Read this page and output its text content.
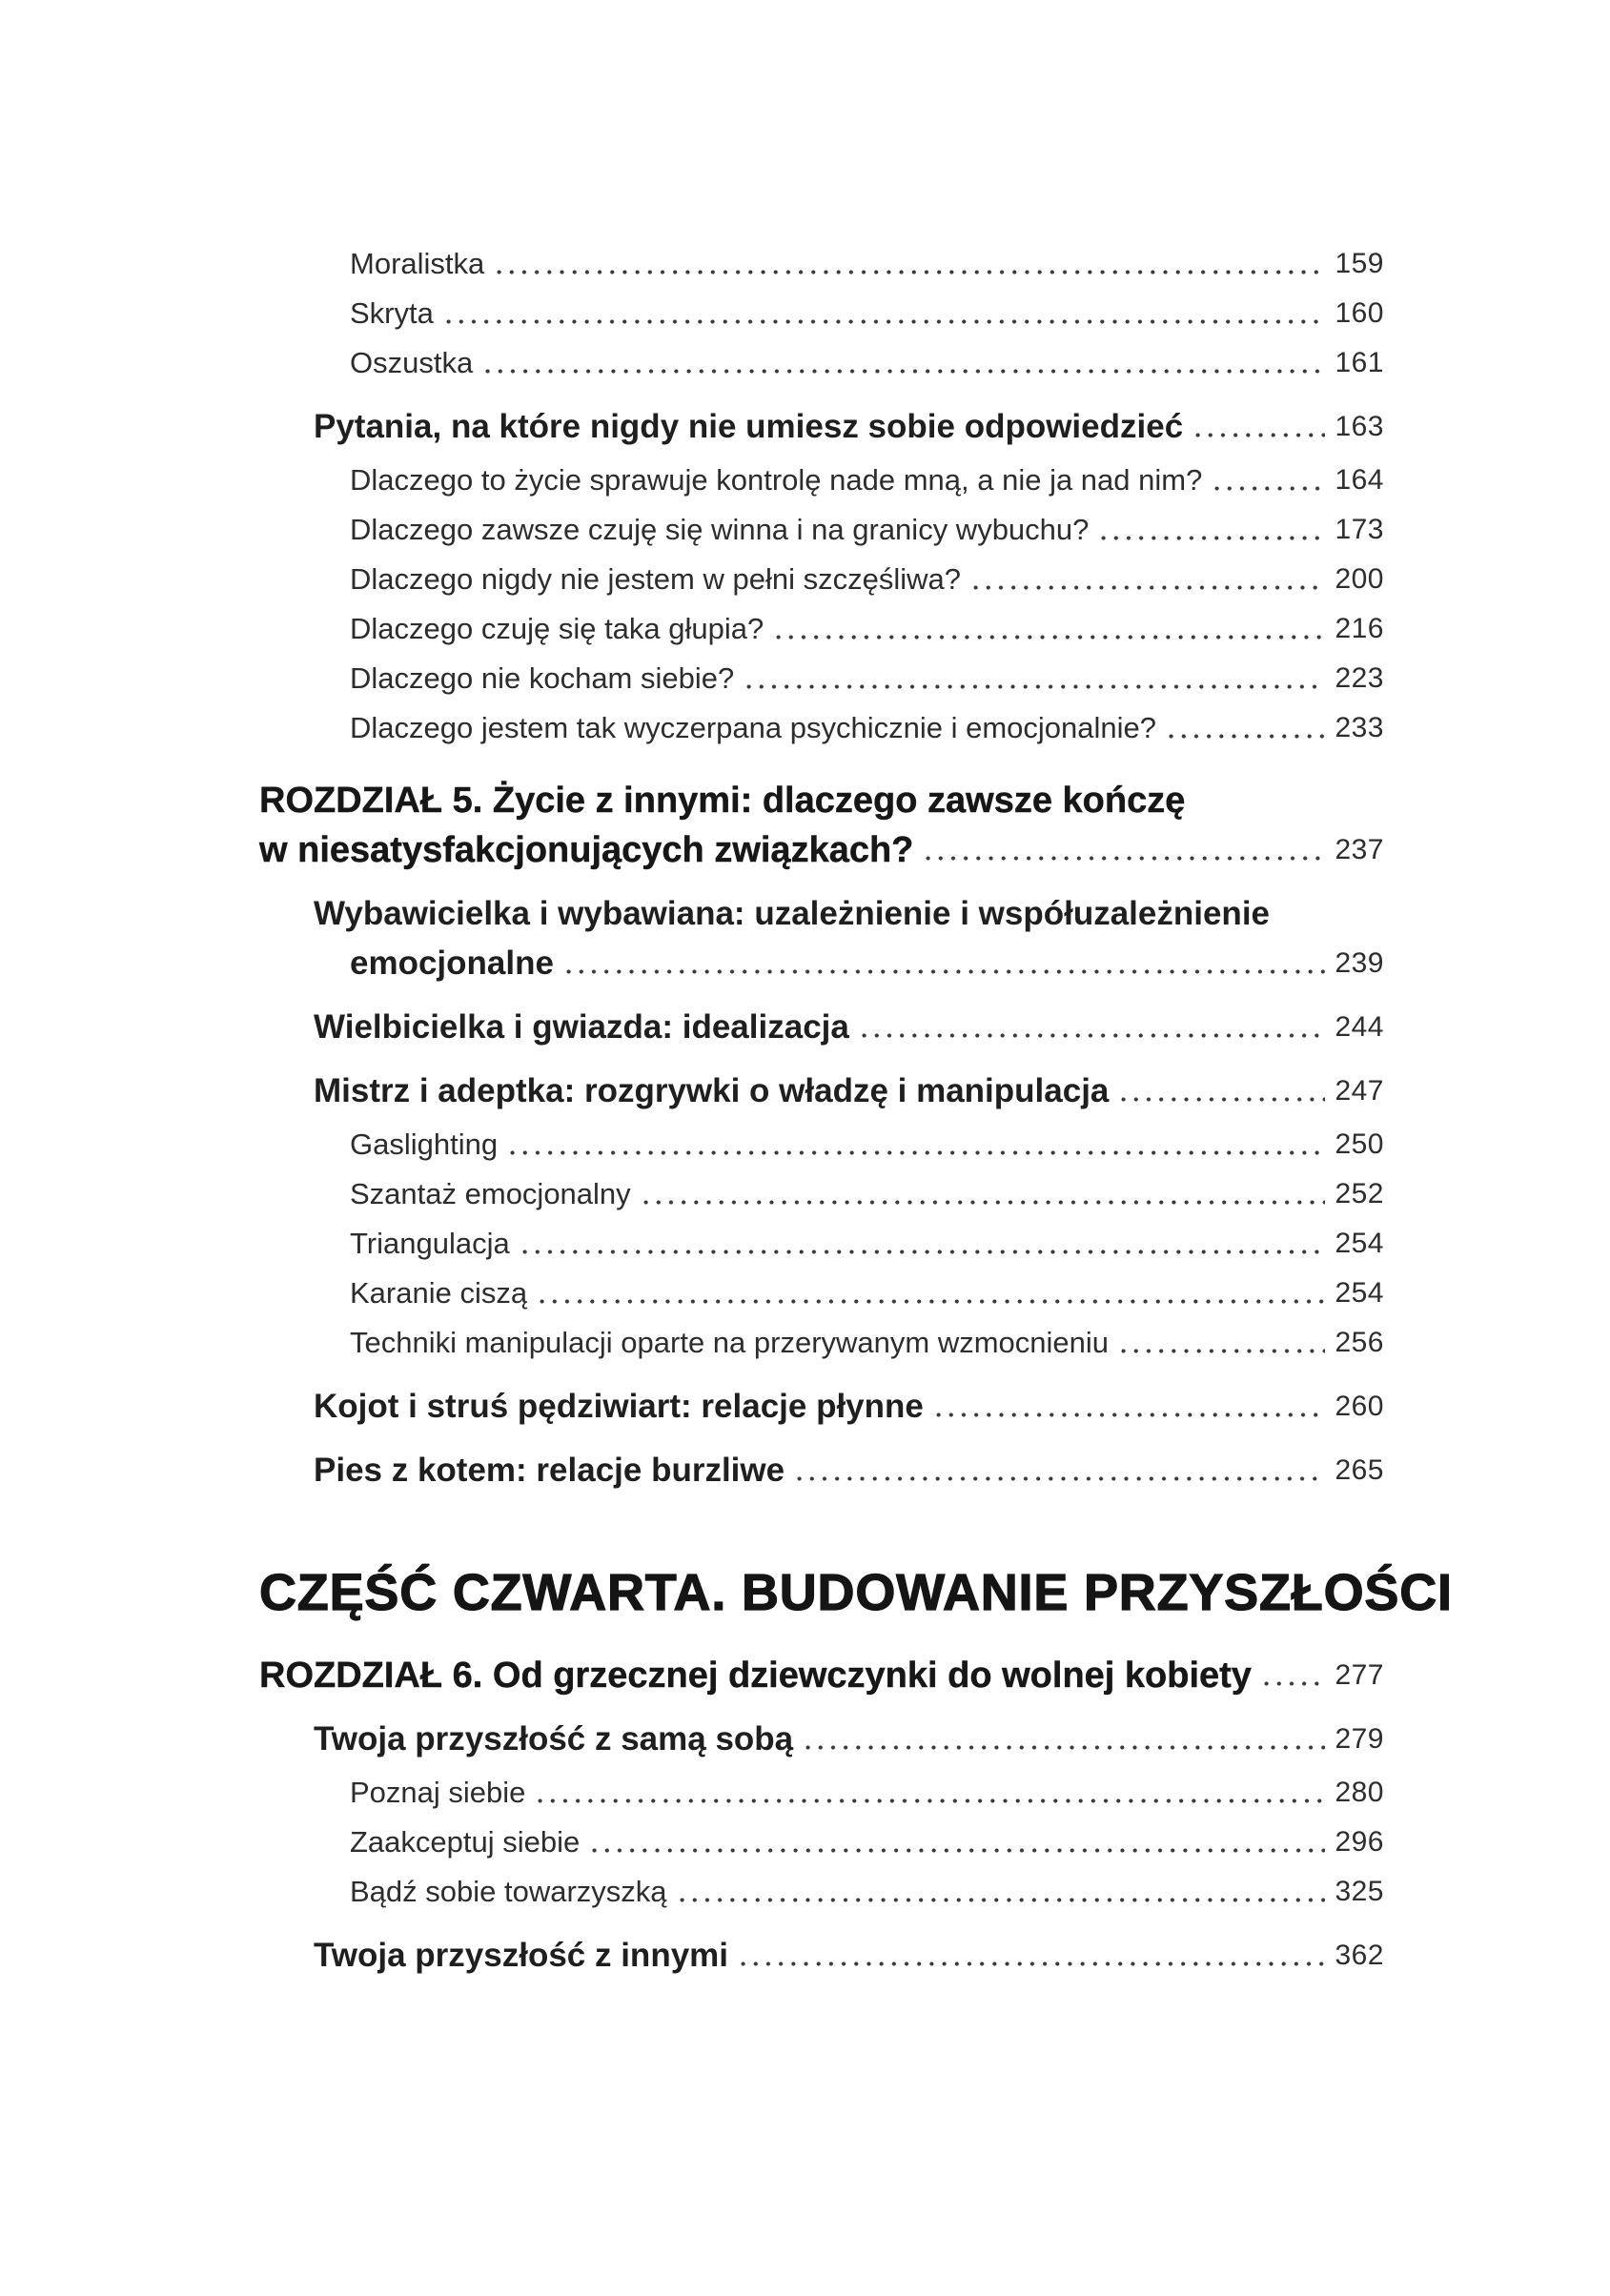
Moralistka	159
Skryta	160
Oszustka	161
Pytania, na które nigdy nie umiesz sobie odpowiedzieć	163
Dlaczego to życie sprawuje kontrolę nade mną, a nie ja nad nim?	164
Dlaczego zawsze czuję się winna i na granicy wybuchu?	173
Dlaczego nigdy nie jestem w pełni szczęśliwa?	200
Dlaczego czuję się taka głupia?	216
Dlaczego nie kocham siebie?	223
Dlaczego jestem tak wyczerpana psychicznie i emocjonalnie?	233
ROZDZIAŁ 5. Życie z innymi: dlaczego zawsze kończę
w niesatysfakcjonujących związkach?	237
Wybawicielka i wybawiana: uzależnienie i współuzależnienie
emocjonalne	239
Wielbicielka i gwiazda: idealizacja	244
Mistrz i adeptka: rozgrywki o władzę i manipulacja	247
Gaslighting	250
Szantaż emocjonalny	252
Triangulacja	254
Karanie ciszą	254
Techniki manipulacji oparte na przerywanym wzmocnieniu	256
Kojot i struś pędziwiart: relacje płynne	260
Pies z kotem: relacje burzliwe	265
CZĘŚĆ CZWARTA. BUDOWANIE PRZYSZŁOŚCI
ROZDZIAŁ 6. Od grzecznej dziewczynki do wolnej kobiety	277
Twoja przyszłość z samą sobą	279
Poznaj siebie	280
Zaakceptuj siebie	296
Bądź sobie towarzyszką	325
Twoja przyszłość z innymi	362
